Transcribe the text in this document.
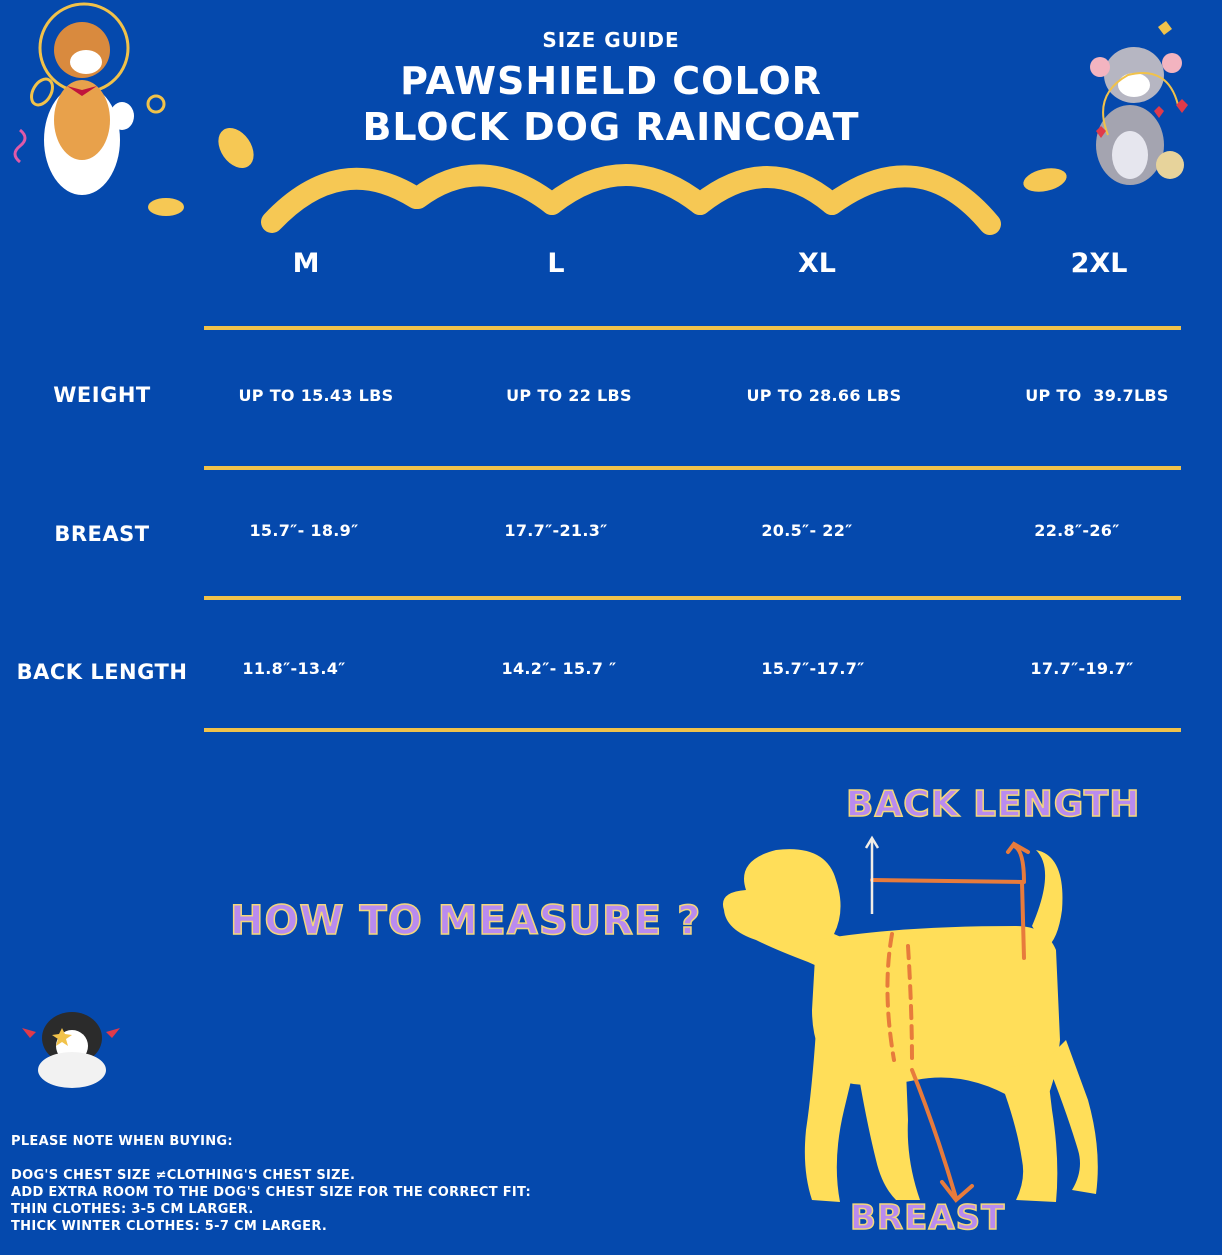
SIZE GUIDE
PAWSHIELD COLOR
BLOCK DOG RAINCOAT
M	L	XL	2XL
WEIGHT	UP TO 15.43 LBS	UP TO 22 LBS	UP TO 28.66 LBS	UP TO  39.7LBS
BREAST	15.7″- 18.9″	17.7″-21.3″	20.5″- 22″	22.8″-26″
BACK LENGTH	11.8″-13.4″	14.2″- 15.7 ″	15.7″-17.7″	17.7″-19.7″
HOW TO MEASURE ?
PLEASE NOTE WHEN BUYING:
DOG'S CHEST SIZE ≠CLOTHING'S CHEST SIZE.
ADD EXTRA ROOM TO THE DOG'S CHEST SIZE FOR THE CORRECT FIT:
THIN CLOTHES: 3-5 CM LARGER.
THICK WINTER CLOTHES: 5-7 CM LARGER.
BACK LENGTH
BREAST
